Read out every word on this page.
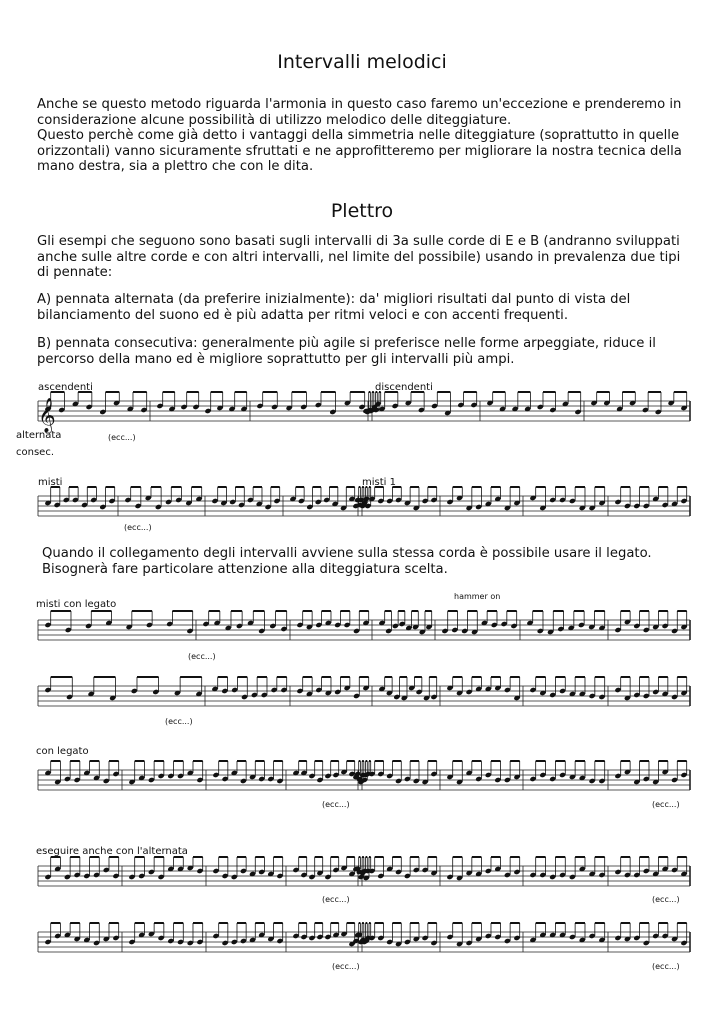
Intervalli melodici

Anche se questo metodo riguarda l'armonia in questo caso faremo un'eccezione e prenderemo in considerazione alcune possibilità di utilizzo melodico delle diteggiature.

Questo perchè come già detto i vantaggi della simmetria nelle diteggiature (soprattutto in quelle orizzontali) vanno sicuramente sfruttati e ne approfitteremo per migliorare la nostra tecnica della mano destra, sia a plettro che con le dita.

Plettro

Gli esempi che seguono sono basati sugli intervalli di 3a sulle corde di E e B (andranno sviluppati anche sulle altre corde e con altri intervalli, nel limite del possibile) usando in prevalenza due tipi di pennate:

A) pennata alternata (da preferire inizialmente): da' migliori risultati dal punto di vista del bilanciamento del suono ed è più adatta per ritmi veloci e con accenti frequenti.

B) pennata consecutiva: generalmente più agile si preferisce nelle forme arpeggiate, riduce il percorso della mano ed è migliore soprattutto per gli intervalli più ampi.

Quando il collegamento degli intervalli avviene sulla stessa corda è possibile usare il legato. Bisognerà fare particolare attenzione alla diteggiatura scelta.

ascendenti	discendenti
alternata
consec.
(ecc...)
misti	misti 1
(ecc...)
misti con legato
hammer on
(ecc...)
(ecc...)
con legato
(ecc...)	(ecc...)
eseguire anche con l'alternata
(ecc...)	(ecc...)
(ecc...)	(ecc...)
𝄞
